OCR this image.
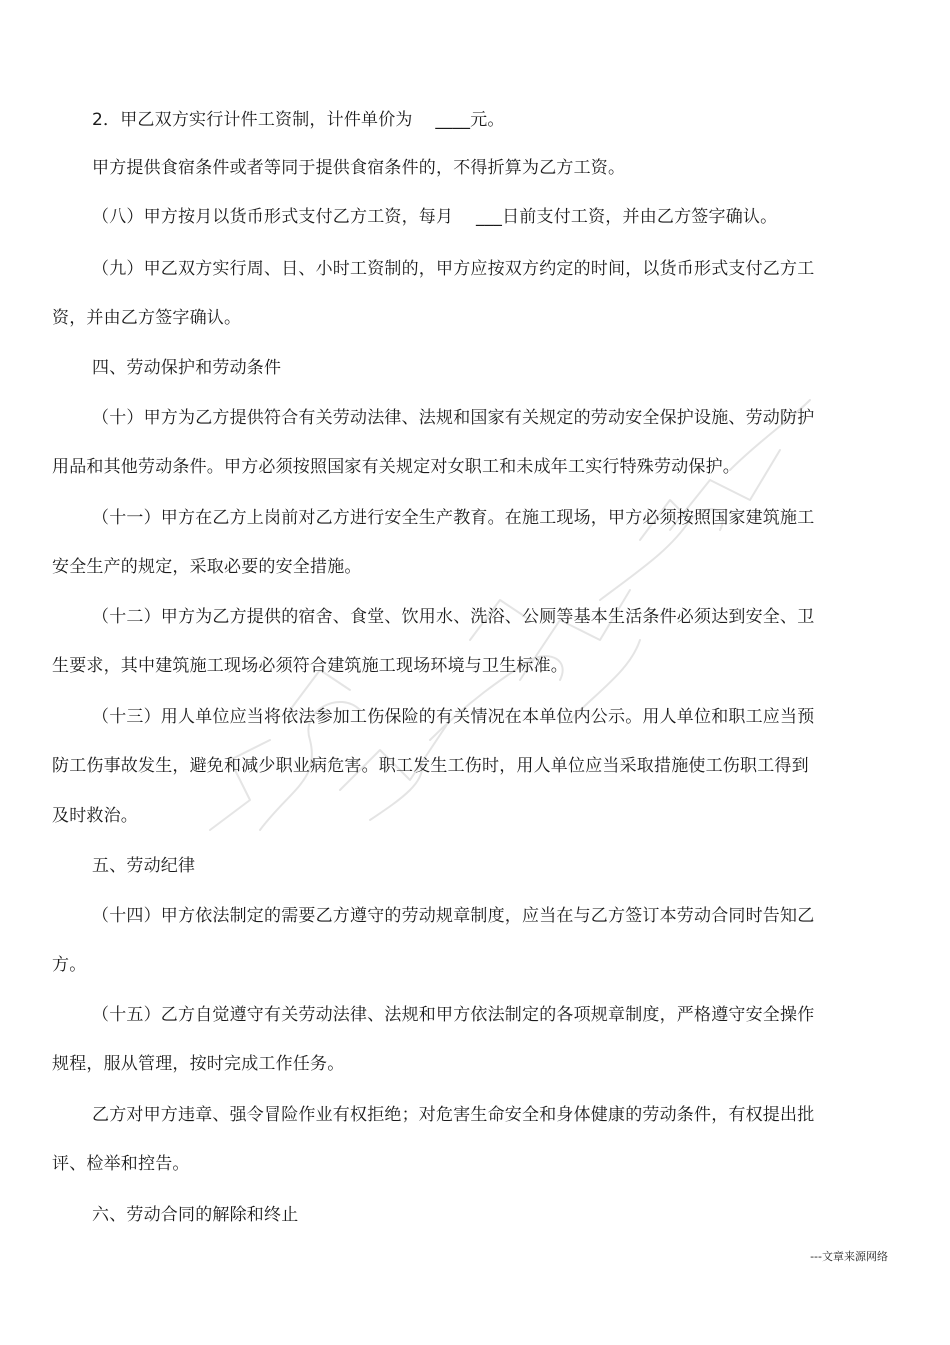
2．甲乙双方实行计件工资制，计件单价为　 ____元。
甲方提供食宿条件或者等同于提供食宿条件的，不得折算为乙方工资。
（八）甲方按月以货币形式支付乙方工资，每月　 ___日前支付工资，并由乙方签字确认。
（九）甲乙双方实行周、日、小时工资制的，甲方应按双方约定的时间，以货币形式支付乙方工
资，并由乙方签字确认。
四、劳动保护和劳动条件
（十）甲方为乙方提供符合有关劳动法律、法规和国家有关规定的劳动安全保护设施、劳动防护
用品和其他劳动条件。甲方必须按照国家有关规定对女职工和未成年工实行特殊劳动保护。
（十一）甲方在乙方上岗前对乙方进行安全生产教育。在施工现场，甲方必须按照国家建筑施工
安全生产的规定，采取必要的安全措施。
（十二）甲方为乙方提供的宿舍、食堂、饮用水、洗浴、公厕等基本生活条件必须达到安全、卫
生要求，其中建筑施工现场必须符合建筑施工现场环境与卫生标准。
（十三）用人单位应当将依法参加工伤保险的有关情况在本单位内公示。用人单位和职工应当预
防工伤事故发生，避免和减少职业病危害。职工发生工伤时，用人单位应当采取措施使工伤职工得到
及时救治。
五、劳动纪律
（十四）甲方依法制定的需要乙方遵守的劳动规章制度，应当在与乙方签订本劳动合同时告知乙
方。
（十五）乙方自觉遵守有关劳动法律、法规和甲方依法制定的各项规章制度，严格遵守安全操作
规程，服从管理，按时完成工作任务。
乙方对甲方违章、强令冒险作业有权拒绝；对危害生命安全和身体健康的劳动条件，有权提出批
评、检举和控告。
六、劳动合同的解除和终止
---文章来源网络
